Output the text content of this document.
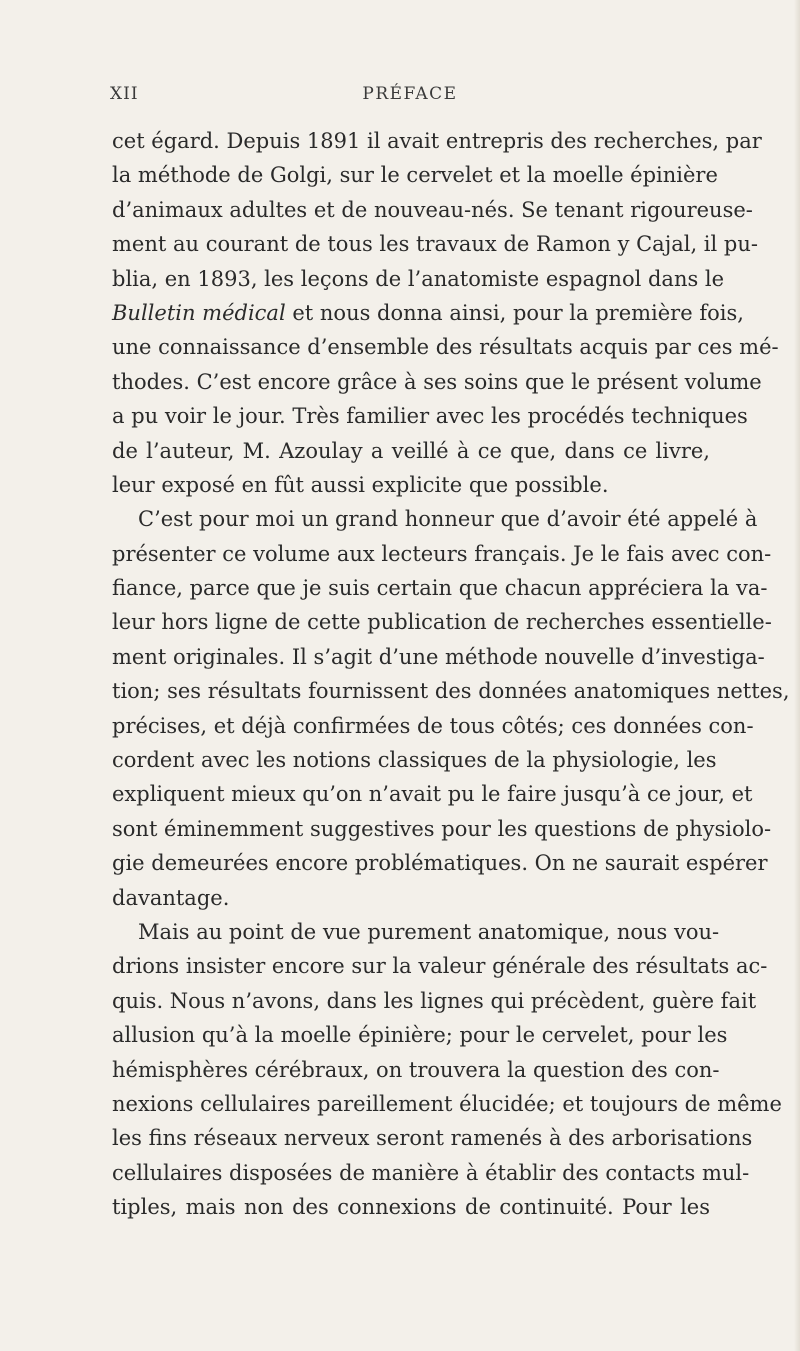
XII	PRÉFACE
cet égard. Depuis 1891 il avait entrepris des recherches, par
la méthode de Golgi, sur le cervelet et la moelle épinière
d’animaux adultes et de nouveau-nés. Se tenant rigoureuse-
ment au courant de tous les travaux de Ramon y Cajal, il pu-
blia, en 1893, les leçons de l’anatomiste espagnol dans le
Bulletin médical et nous donna ainsi, pour la première fois,
une connaissance d’ensemble des résultats acquis par ces mé-
thodes. C’est encore grâce à ses soins que le présent volume
a pu voir le jour. Très familier avec les procédés techniques
de l’auteur, M. Azoulay a veillé à ce que, dans ce livre,
leur exposé en fût aussi explicite que possible.
C’est pour moi un grand honneur que d’avoir été appelé à
présenter ce volume aux lecteurs français. Je le fais avec con-
fiance, parce que je suis certain que chacun appréciera la va-
leur hors ligne de cette publication de recherches essentielle-
ment originales. Il s’agit d’une méthode nouvelle d’investiga-
tion; ses résultats fournissent des données anatomiques nettes,
précises, et déjà confirmées de tous côtés; ces données con-
cordent avec les notions classiques de la physiologie, les
expliquent mieux qu’on n’avait pu le faire jusqu’à ce jour, et
sont éminemment suggestives pour les questions de physiolo-
gie demeurées encore problématiques. On ne saurait espérer
davantage.
Mais au point de vue purement anatomique, nous vou-
drions insister encore sur la valeur générale des résultats ac-
quis. Nous n’avons, dans les lignes qui précèdent, guère fait
allusion qu’à la moelle épinière; pour le cervelet, pour les
hémisphères cérébraux, on trouvera la question des con-
nexions cellulaires pareillement élucidée; et toujours de même
les fins réseaux nerveux seront ramenés à des arborisations
cellulaires disposées de manière à établir des contacts mul-
tiples, mais non des connexions de continuité. Pour les
